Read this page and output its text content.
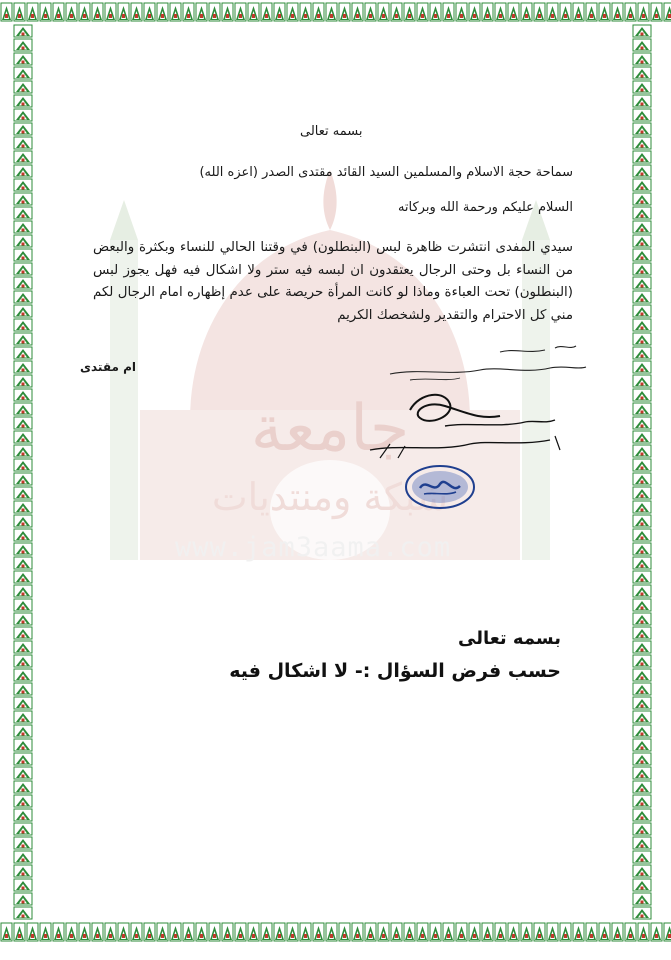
جامعة
شبكة ومنتديات
www.jam3aama.com
بسمه تعالى
سماحة حجة الاسلام والمسلمين السيد القائد مقتدى الصدر (اعزه الله)
السلام عليكم ورحمة الله وبركاته
سيدي المفدى انتشرت ظاهرة لبس (البنطلون) في وقتنا الحالي للنساء وبكثرة والبعض من النساء بل وحتى الرجال يعتقدون ان لبسه فيه ستر ولا اشكال فيه فهل يجوز لبس (البنطلون) تحت العباءة وماذا لو كانت المرأة حريصة على عدم إظهاره امام الرجال لكم مني كل الاحترام والتقدير ولشخصك الكريم
ام مقتدى
بسمه تعالى
حسب فرض السؤال :- لا اشكال فيه
